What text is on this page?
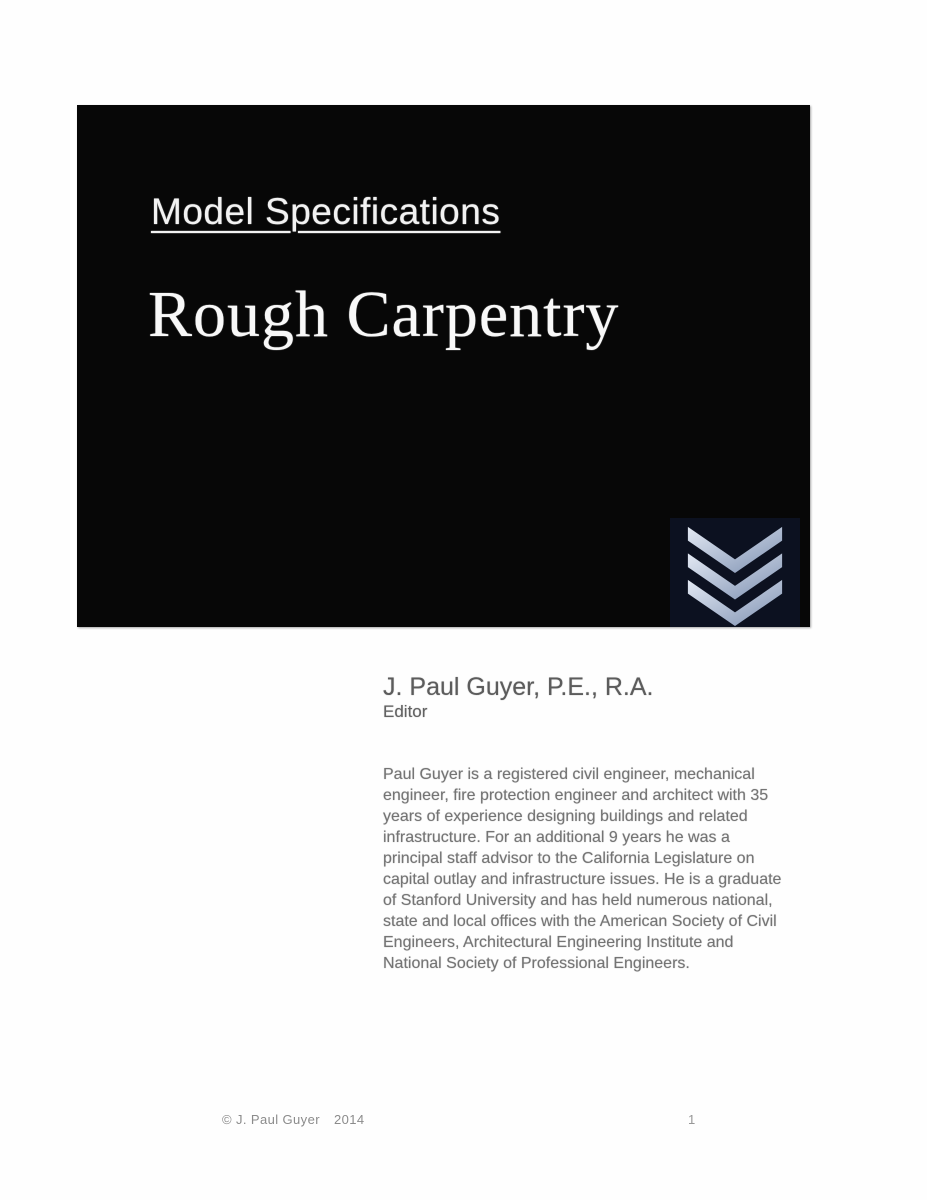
Model Specifications
Rough Carpentry
J. Paul Guyer, P.E., R.A.
Editor

Paul Guyer is a registered civil engineer, mechanical engineer, fire protection engineer and architect with 35 years of experience designing buildings and related infrastructure. For an additional 9 years he was a principal staff advisor to the California Legislature on capital outlay and infrastructure issues. He is a graduate of Stanford University and has held numerous national, state and local offices with the American Society of Civil Engineers, Architectural Engineering Institute and National Society of Professional Engineers.

© J. Paul Guyer 2014	1
